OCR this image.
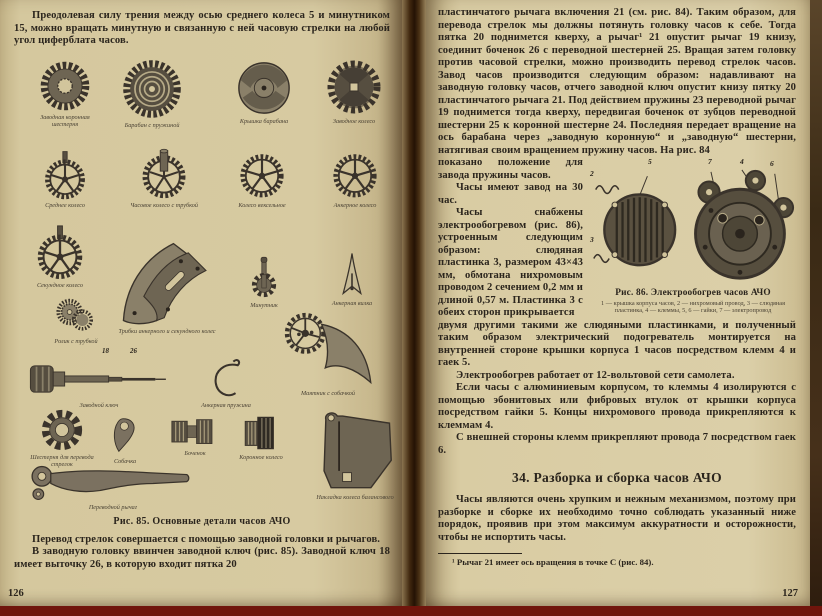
Преодолевая силу трения между осью среднего колеса 5 и минутником 15, можно вращать минутную и связанную с ней часовую стрелки на любой угол циферблата часов.

Заводная коронная шестерня	Барабан с пружиной
Крышка барабана	Заводное колесо
Среднее колесо	Часовое колесо с трубкой	Колесо вексельное	Анкерное колесо
Секундное колесо
Ролик с трубкой
Трибки анкерного и секундного колес
Минутник	Анкерная вилка
18	26
Заводной ключ	Анкерная пружина
Маятник с собачкой
Шестерня для перевода стрелок	Собачка
Боченок
Коронное колесо
Накладка колеса балансового
Переводной рычаг
Рис. 85. Основные детали часов АЧО

Перевод стрелок совершается с помощью заводной головки и рычагов.

В заводную головку ввинчен заводной ключ (рис. 85). Заводной ключ 18 имеет выточку 26, в которую входит пятка 20

126

пластинчатого рычага включения 21 (см. рис. 84). Таким образом, для перевода стрелок мы должны потянуть головку часов к себе. Тогда пятка 20 поднимется кверху, а рычаг¹ 21 опустит рычаг 19 книзу, соединит боченок 26 с переводной шестерней 25. Вращая затем головку против часовой стрелки, можно производить перевод стрелок часов. Завод часов производится следующим образом: надавливают на заводную головку часов, отчего заводной ключ опустит книзу пятку 20 пластинчатого рычага 21. Под действием пружины 23 переводной рычаг 19 поднимется тогда кверху, передвигая боченок от зубцов переводной шестерни 25 к коронной шестерне 24. Последняя передает вращение на ось барабана через „заводную коронную“ и „заводную“ шестерни, натягивая своим вращением пружину часов. На рис. 84

5
2
3
7	4	6
Рис. 86. Электрообогрев часов АЧО
1 — крышка корпуса часов, 2 — нихромовый провод, 3 — слюдяная пластинка, 4 — клеммы, 5, 6 — гайки, 7 — электропровод

показано положение для завода пружины часов.

Часы имеют завод на 30 час.

Часы снабжены электрообогревом (рис. 86), устроенным следующим образом: слюдяная пластинка 3, размером 43×43 мм, обмотана нихромовым проводом 2 сечением 0,2 мм и длиной 0,57 м. Пластинка 3 с обеих сторон прикрывается

двумя другими такими же слюдяными пластинками, и полученный таким образом электрический подогреватель монтируется на внутренней стороне крышки корпуса 1 часов посредством клемм 4 и гаек 5.

Электрообогрев работает от 12-вольтовой сети самолета.

Если часы с алюминиевым корпусом, то клеммы 4 изолируются с помощью эбонитовых или фибровых втулок от крышки корпуса посредством гайки 5. Концы нихромового провода прикрепляются к клеммам 4.

С внешней стороны клемм прикрепляют провода 7 посредством гаек 6.

34. Разборка и сборка часов АЧО

Часы являются очень хрупким и нежным механизмом, поэтому при разборке и сборке их необходимо точно соблюдать указанный ниже порядок, проявив при этом максимум аккуратности и осторожности, чтобы не испортить часы.

¹ Рычаг 21 имеет ось вращения в точке С (рис. 84).

127
